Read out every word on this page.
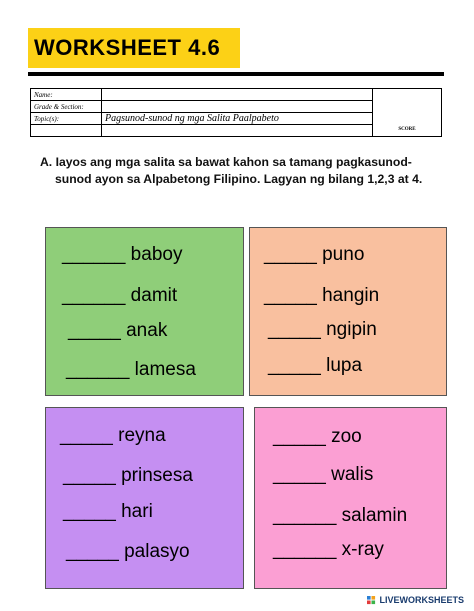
WORKSHEET 4.6
Name:		SCORE
Grade & Section:		
Topic(s):	Pagsunod-sunod ng mga Salita Paalpabeto	

A. Iayos ang mga salita sa bawat kahon sa tamang pagkasunod-
sunod ayon sa Alpabetong Filipino. Lagyan ng bilang 1,2,3 at 4.
______ baboy
______ damit
_____ anak
______ lamesa
_____ puno
_____ hangin
_____ ngipin
_____ lupa
_____ reyna
_____ prinsesa
_____ hari
_____ palasyo
_____ zoo
_____ walis
______ salamin
______ x-ray
LIVEWORKSHEETS
